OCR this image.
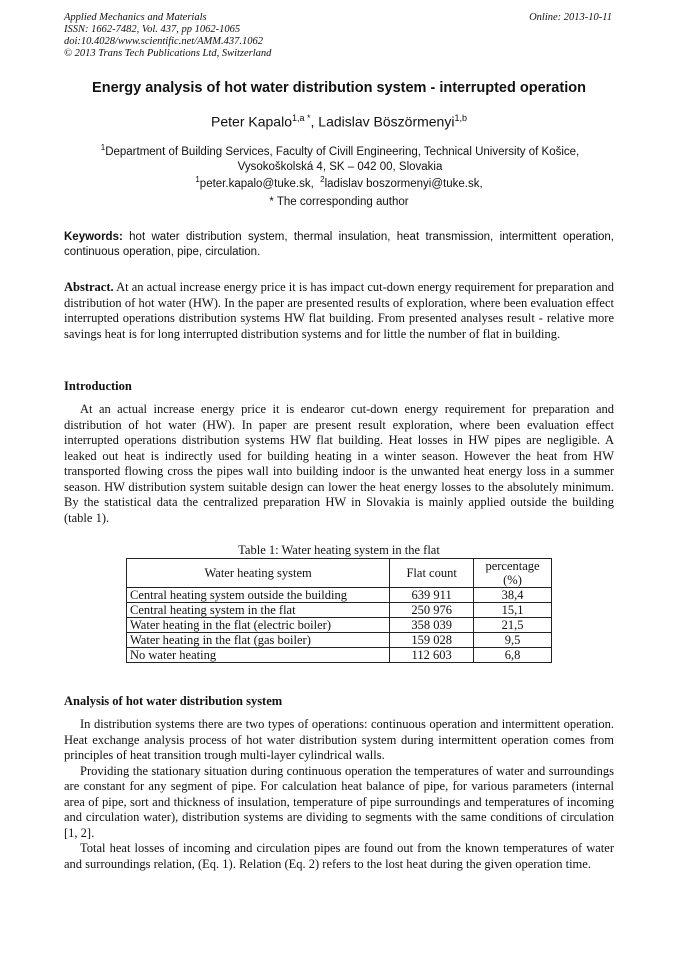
Applied Mechanics and Materials
ISSN: 1662-7482, Vol. 437, pp 1062-1065
doi:10.4028/www.scientific.net/AMM.437.1062
© 2013 Trans Tech Publications Ltd, Switzerland
Online: 2013-10-11
Energy analysis of hot water distribution system - interrupted operation
Peter Kapalo$^{1,a *}$, Ladislav Böszörmenyi$^{1,b}$
$^1$Department of Building Services, Faculty of Civill Engineering, Technical University of Košice,
Vysokoškolská 4, SK – 042 00, Slovakia
$^1$peter.kapalo@tuke.sk, $^2$ladislav boszormenyi@tuke.sk,
* The corresponding author
Keywords: hot water distribution system, thermal insulation, heat transmission, intermittent operation, continuous operation, pipe, circulation.

Abstract. At an actual increase energy price it is has impact cut-down energy requirement for preparation and distribution of hot water (HW). In the paper are presented results of exploration, where been evaluation effect interrupted operations distribution systems HW flat building. From presented analyses result - relative more savings heat is for long interrupted distribution systems and for little the number of flat in building.

Introduction

At an actual increase energy price it is endearor cut-down energy requirement for preparation and distribution of hot water (HW). In paper are present result exploration, where been evaluation effect interrupted operations distribution systems HW flat building. Heat losses in HW pipes are negligible. A leaked out heat is indirectly used for building heating in a winter season. However the heat from HW transported flowing cross the pipes wall into building indoor is the unwanted heat energy loss in a summer season. HW distribution system suitable design can lower the heat energy losses to the absolutely minimum. By the statistical data the centralized preparation HW in Slovakia is mainly applied outside the building (table 1).

Table 1: Water heating system in the flat
Water heating system	Flat count	percentage (%)
Central heating system outside the building	639 911	38,4
Central heating system in the flat	250 976	15,1
Water heating in the flat (electric boiler)	358 039	21,5
Water heating in the flat (gas boiler)	159 028	9,5
No water heating	112 603	6,8
Analysis of hot water distribution system

In distribution systems there are two types of operations: continuous operation and intermittent operation. Heat exchange analysis process of hot water distribution system during intermittent operation comes from principles of heat transition trough multi-layer cylindrical walls.

Providing the stationary situation during continuous operation the temperatures of water and surroundings are constant for any segment of pipe. For calculation heat balance of pipe, for various parameters (internal area of pipe, sort and thickness of insulation, temperature of pipe surroundings and temperatures of incoming and circulation water), distribution systems are dividing to segments with the same conditions of circulation [1, 2].

Total heat losses of incoming and circulation pipes are found out from the known temperatures of water and surroundings relation, (Eq. 1). Relation (Eq. 2) refers to the lost heat during the given operation time.
